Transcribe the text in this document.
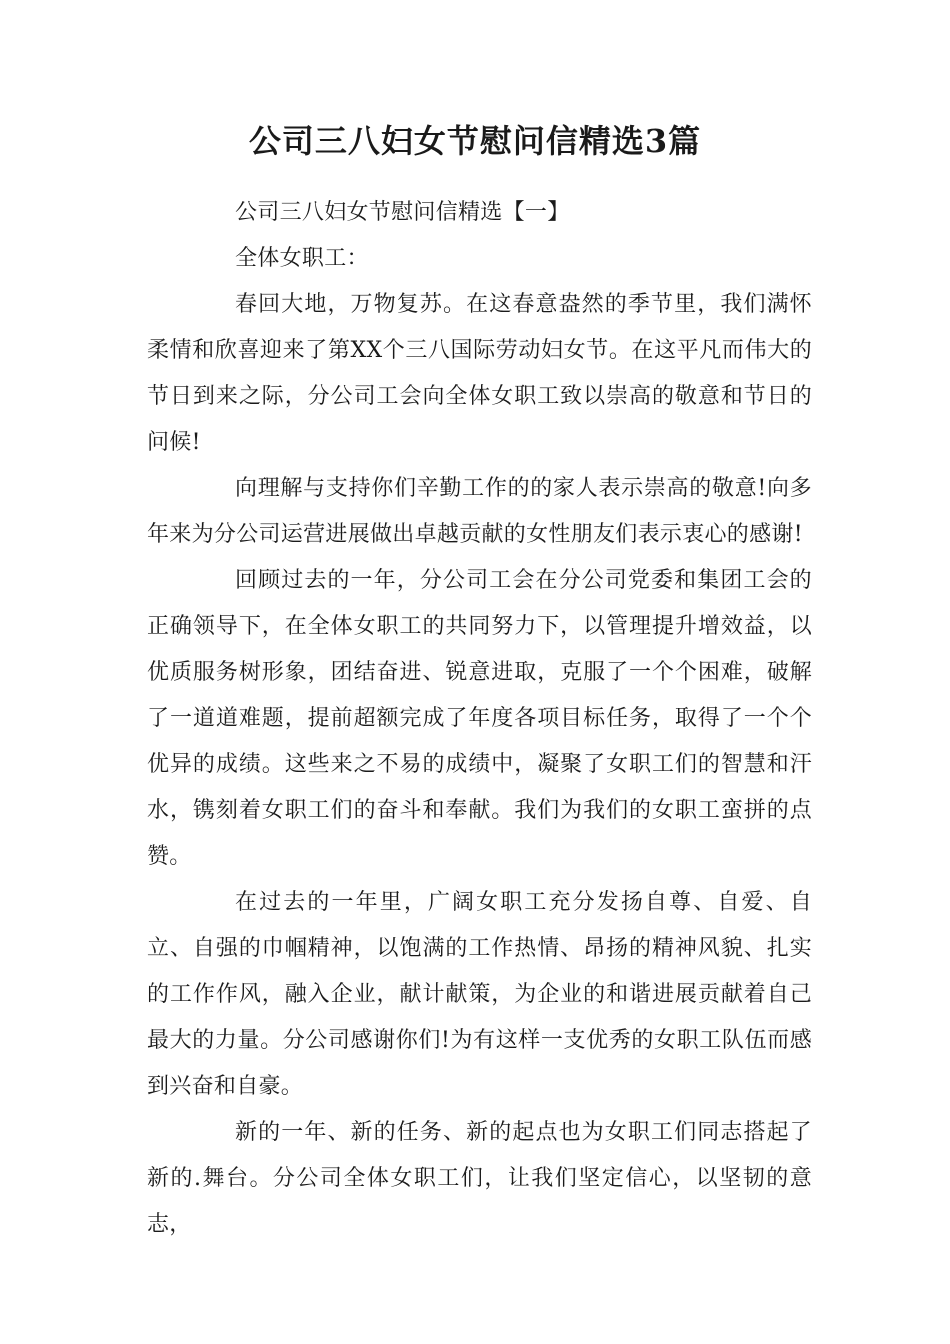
公司三八妇女节慰问信精选3篇

公司三八妇女节慰问信精选【一】

全体女职工：

春回大地，万物复苏。在这春意盎然的季节里，我们满怀柔情和欣喜迎来了第XX个三八国际劳动妇女节。在这平凡而伟大的节日到来之际，分公司工会向全体女职工致以崇高的敬意和节日的问候!

向理解与支持你们辛勤工作的的家人表示崇高的敬意!向多年来为分公司运营进展做出卓越贡献的女性朋友们表示衷心的感谢!

回顾过去的一年，分公司工会在分公司党委和集团工会的正确领导下，在全体女职工的共同努力下，以管理提升增效益，以优质服务树形象，团结奋进、锐意进取，克服了一个个困难，破解了一道道难题，提前超额完成了年度各项目标任务，取得了一个个优异的成绩。这些来之不易的成绩中，凝聚了女职工们的智慧和汗水，镌刻着女职工们的奋斗和奉献。我们为我们的女职工蛮拼的点赞。

在过去的一年里，广阔女职工充分发扬自尊、自爱、自立、自强的巾帼精神，以饱满的工作热情、昂扬的精神风貌、扎实的工作作风，融入企业，献计献策，为企业的和谐进展贡献着自己最大的力量。分公司感谢你们!为有这样一支优秀的女职工队伍而感到兴奋和自豪。

新的一年、新的任务、新的起点也为女职工们同志搭起了新的.舞台。分公司全体女职工们，让我们坚定信心，以坚韧的意志，
